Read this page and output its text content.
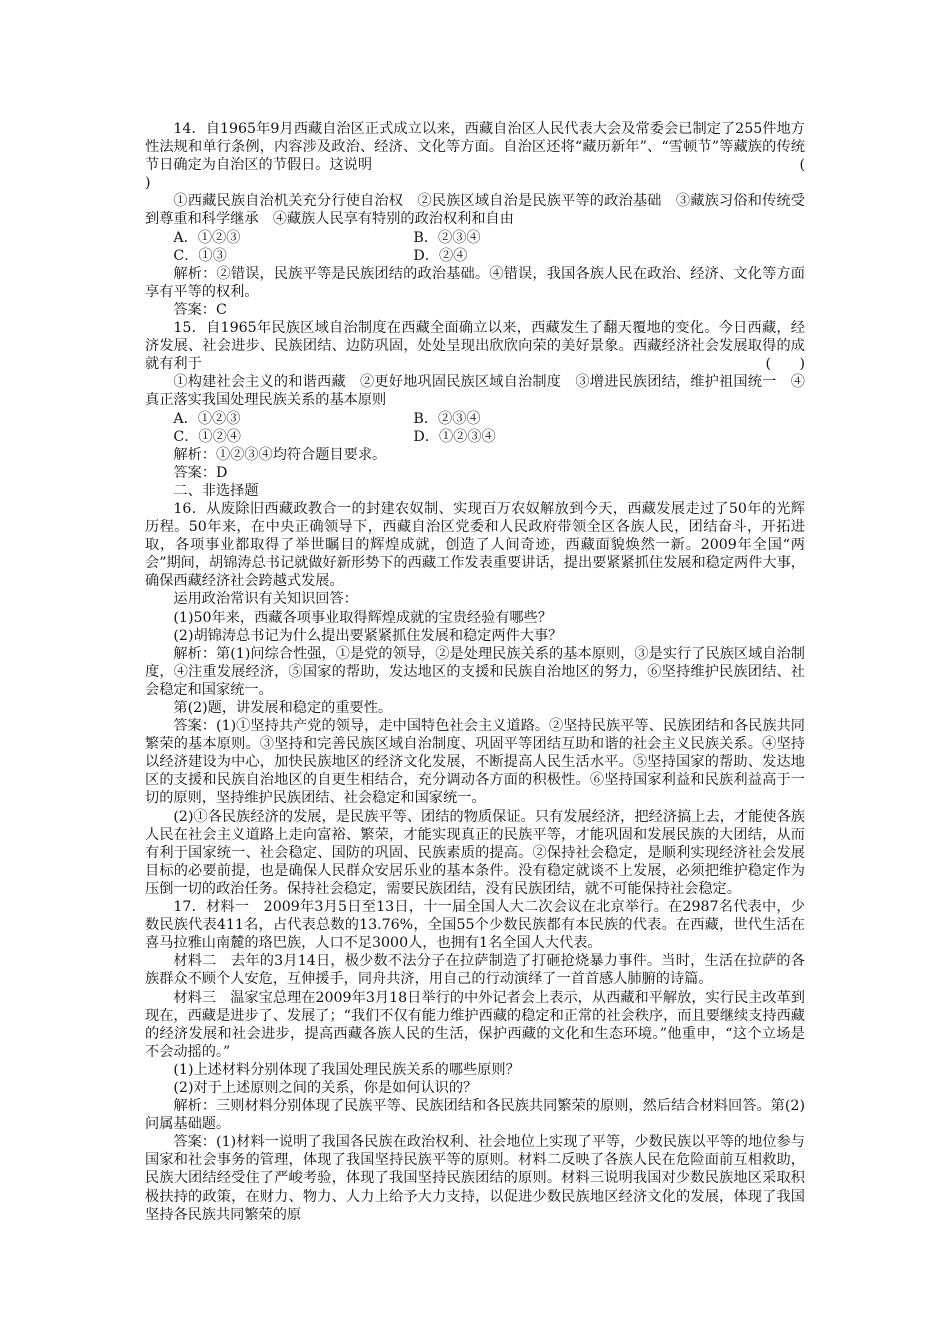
14．自1965年9月西藏自治区正式成立以来，西藏自治区人民代表大会及常委会已制定了255件地方性法规和单行条例，内容涉及政治、经济、文化等方面。自治区还将“藏历新年”、“雪顿节”等藏族的传统节日确定为自治区的节假日。这说明	(

)

①西藏民族自治机关充分行使自治权　②民族区域自治是民族平等的政治基础　③藏族习俗和传统受到尊重和科学继承　④藏族人民享有特别的政治权利和自由

A．①②③	B．②③④
C．①③	D．②④

解析：②错误，民族平等是民族团结的政治基础。④错误，我国各族人民在政治、经济、文化等方面享有平等的权利。

答案：C

15．自1965年民族区域自治制度在西藏全面确立以来，西藏发生了翻天覆地的变化。今日西藏，经济发展、社会进步、民族团结、边防巩固，处处呈现出欣欣向荣的美好景象。西藏经济社会发展取得的成就有利于	(　　)

①构建社会主义的和谐西藏　②更好地巩固民族区域自治制度　③增进民族团结，维护祖国统一　④真正落实我国处理民族关系的基本原则

A．①②③	B．②③④
C．①②④	D．①②③④

解析：①②③④均符合题目要求。

答案：D

二、非选择题

16．从废除旧西藏政教合一的封建农奴制、实现百万农奴解放到今天，西藏发展走过了50年的光辉历程。50年来，在中央正确领导下，西藏自治区党委和人民政府带领全区各族人民，团结奋斗，开拓进取，各项事业都取得了举世瞩目的辉煌成就，创造了人间奇迹，西藏面貌焕然一新。2009年全国“两会”期间，胡锦涛总书记就做好新形势下的西藏工作发表重要讲话，提出要紧紧抓住发展和稳定两件大事，确保西藏经济社会跨越式发展。

运用政治常识有关知识回答：

(1)50年来，西藏各项事业取得辉煌成就的宝贵经验有哪些？

(2)胡锦涛总书记为什么提出要紧紧抓住发展和稳定两件大事？

解析：第(1)问综合性强，①是党的领导，②是处理民族关系的基本原则，③是实行了民族区域自治制度，④注重发展经济，⑤国家的帮助，发达地区的支援和民族自治地区的努力，⑥坚持维护民族团结、社会稳定和国家统一。

第(2)题，讲发展和稳定的重要性。

答案：(1)①坚持共产党的领导，走中国特色社会主义道路。②坚持民族平等、民族团结和各民族共同繁荣的基本原则。③坚持和完善民族区域自治制度、巩固平等团结互助和谐的社会主义民族关系。④坚持以经济建设为中心，加快民族地区的经济文化发展，不断提高人民生活水平。⑤坚持国家的帮助、发达地区的支援和民族自治地区的自更生相结合，充分调动各方面的积极性。⑥坚持国家利益和民族利益高于一切的原则，坚持维护民族团结、社会稳定和国家统一。

(2)①各民族经济的发展，是民族平等、团结的物质保证。只有发展经济，把经济搞上去，才能使各族人民在社会主义道路上走向富裕、繁荣，才能实现真正的民族平等，才能巩固和发展民族的大团结，从而有利于国家统一、社会稳定、国防的巩固、民族素质的提高。②保持社会稳定，是顺利实现经济社会发展目标的必要前提，也是确保人民群众安居乐业的基本条件。没有稳定就谈不上发展，必须把维护稳定作为压倒一切的政治任务。保持社会稳定，需要民族团结，没有民族团结，就不可能保持社会稳定。

17．材料一　2009年3月5日至13日，十一届全国人大二次会议在北京举行。在2987名代表中，少数民族代表411名，占代表总数的13.76%，全国55个少数民族都有本民族的代表。在西藏，世代生活在喜马拉雅山南麓的珞巴族，人口不足3000人，也拥有1名全国人大代表。

材料二　去年的3月14日，极少数不法分子在拉萨制造了打砸抢烧暴力事件。当时，生活在拉萨的各族群众不顾个人安危，互伸援手，同舟共济，用自己的行动演绎了一首首感人肺腑的诗篇。

材料三　温家宝总理在2009年3月18日举行的中外记者会上表示，从西藏和平解放，实行民主改革到现在，西藏是进步了、发展了；“我们不仅有能力维护西藏的稳定和正常的社会秩序，而且要继续支持西藏的经济发展和社会进步，提高西藏各族人民的生活，保护西藏的文化和生态环境。”他重申，“这个立场是不会动摇的。”

(1)上述材料分别体现了我国处理民族关系的哪些原则？

(2)对于上述原则之间的关系，你是如何认识的？

解析：三则材料分别体现了民族平等、民族团结和各民族共同繁荣的原则，然后结合材料回答。第(2)问属基础题。

答案：(1)材料一说明了我国各民族在政治权利、社会地位上实现了平等，少数民族以平等的地位参与国家和社会事务的管理，体现了我国坚持民族平等的原则。材料二反映了各族人民在危险面前互相救助，民族大团结经受住了严峻考验，体现了我国坚持民族团结的原则。材料三说明我国对少数民族地区采取积极扶持的政策，在财力、物力、人力上给予大力支持，以促进少数民族地区经济文化的发展，体现了我国坚持各民族共同繁荣的原
